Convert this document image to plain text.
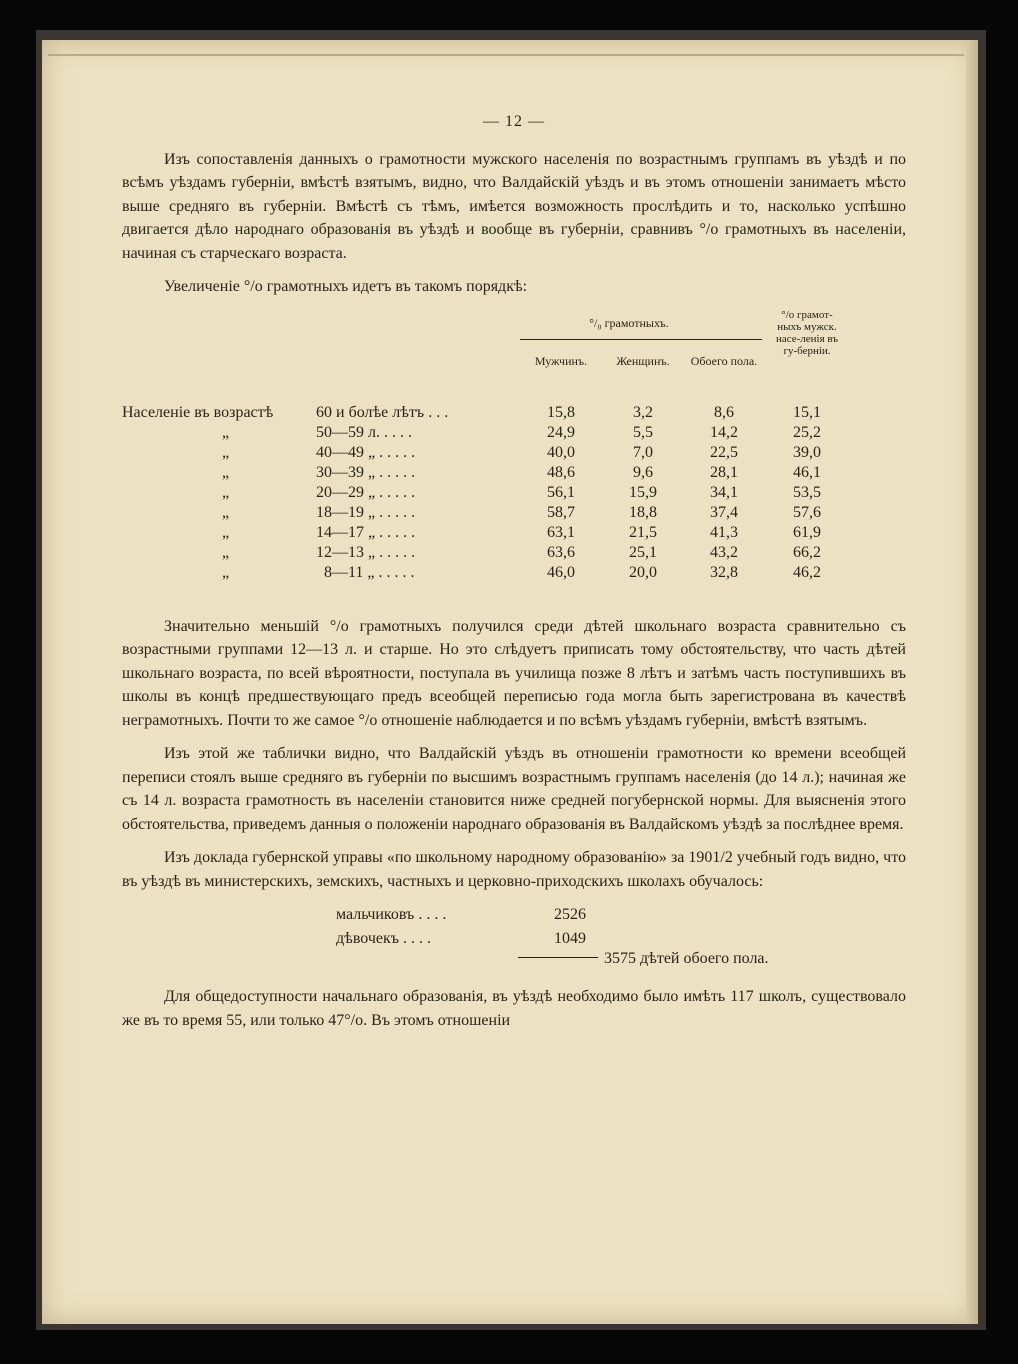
— 12 —

Изъ сопоставленія данныхъ о грамотности мужского населенія по возрастнымъ группамъ въ уѣздѣ и по всѣмъ уѣздамъ губерніи, вмѣстѣ взятымъ, видно, что Валдайскій уѣздъ и въ этомъ отношеніи занимаетъ мѣсто выше средняго въ губерніи. Вмѣстѣ съ тѣмъ, имѣется возможность прослѣдить и то, насколько успѣшно двигается дѣло народнаго образованія въ уѣздѣ и вообще въ губерніи, сравнивъ °/о грамотныхъ въ населеніи, начиная съ старческаго возраста.

Увеличеніе °/о грамотныхъ идетъ въ такомъ порядкѣ:

°/₀ грамотныхъ.
Мужчинъ.	Женщинъ.	Обоего пола.
°/о грамот-ныхъ мужск. насе-ленія въ гу-берніи.
Населеніе въ возрастѣ	60 и болѣе лѣтъ . . .	15,8	3,2	8,6	15,1
„	50—59 л. . . . .	24,9	5,5	14,2	25,2
„	40—49 „ . . . . .	40,0	7,0	22,5	39,0
„	30—39 „ . . . . .	48,6	9,6	28,1	46,1
„	20—29 „ . . . . .	56,1	15,9	34,1	53,5
„	18—19 „ . . . . .	58,7	18,8	37,4	57,6
„	14—17 „ . . . . .	63,1	21,5	41,3	61,9
„	12—13 „ . . . . .	63,6	25,1	43,2	66,2
„	8—11 „ . . . . .	46,0	20,0	32,8	46,2

Значительно меньшій °/о грамотныхъ получился среди дѣтей школьнаго возраста сравнительно съ возрастными группами 12—13 л. и старше. Но это слѣдуетъ приписать тому обстоятельству, что часть дѣтей школьнаго возраста, по всей вѣроятности, поступала въ училища позже 8 лѣтъ и затѣмъ часть поступившихъ въ школы въ концѣ предшествующаго предъ всеобщей переписью года могла быть зарегистрована въ качествѣ неграмотныхъ. Почти то же самое °/о отношеніе наблюдается и по всѣмъ уѣздамъ губерніи, вмѣстѣ взятымъ.

Изъ этой же таблички видно, что Валдайскій уѣздъ въ отношеніи грамотности ко времени всеобщей переписи стоялъ выше средняго въ губерніи по высшимъ возрастнымъ группамъ населенія (до 14 л.); начиная же съ 14 л. возраста грамотность въ населеніи становится ниже средней погубернской нормы. Для выясненія этого обстоятельства, приведемъ данныя о положеніи народнаго образованія въ Валдайскомъ уѣздѣ за послѣднее время.

Изъ доклада губернской управы «по школьному народному образованію» за 1901/2 учебный годъ видно, что въ уѣздѣ въ министерскихъ, земскихъ, частныхъ и церковно-приходскихъ школахъ обучалось:

мальчиковъ . . . .	2526
дѣвочекъ . . . .	1049
3575 дѣтей обоего пола.

Для общедоступности начальнаго образованія, въ уѣздѣ необходимо было имѣть 117 школъ, существовало же въ то время 55, или только 47°/о. Въ этомъ отношеніи
